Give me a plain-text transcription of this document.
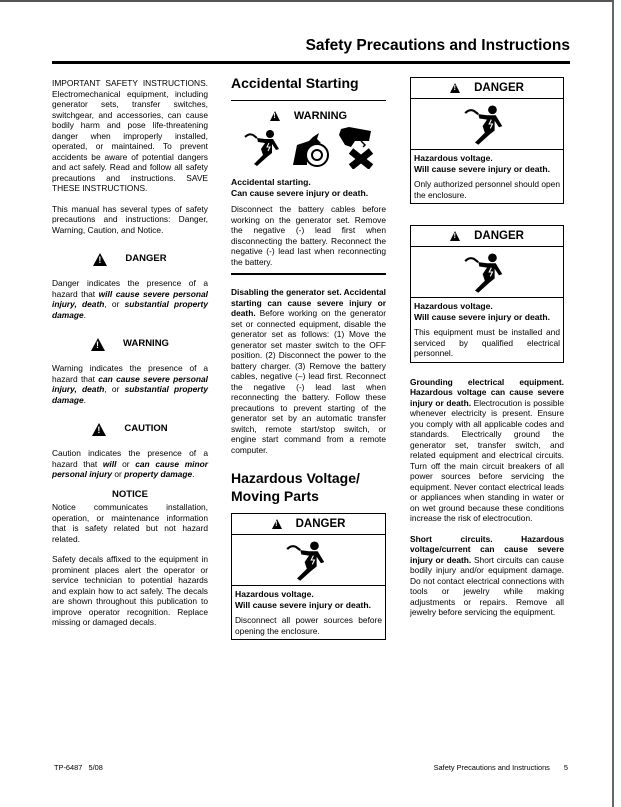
Safety Precautions and Instructions

IMPORTANT SAFETY INSTRUCTIONS. Electromechanical equipment, including generator sets, transfer switches, switchgear, and accessories, can cause bodily harm and pose life-threatening danger when improperly installed, operated, or maintained. To prevent accidents be aware of potential dangers and act safely. Read and follow all safety precautions and instructions. SAVE THESE INSTRUCTIONS.

This manual has several types of safety precautions and instructions: Danger, Warning, Caution, and Notice.

!
DANGER

Danger indicates the presence of a hazard that will cause severe personal injury, death, or substantial property damage.

!
WARNING

Warning indicates the presence of a hazard that can cause severe personal injury, death, or substantial property damage.

!
CAUTION

Caution indicates the presence of a hazard that will or can cause minor personal injury or property damage.

NOTICE

Notice communicates installation, operation, or maintenance information that is safety related but not hazard related.

Safety decals affixed to the equipment in prominent places alert the operator or service technician to potential hazards and explain how to act safely. The decals are shown throughout this publication to improve operator recognition. Replace missing or damaged decals.

Accidental Starting
!
WARNING
Accidental starting.
Can cause severe injury or death.

Disconnect the battery cables before working on the generator set. Remove the negative (-) lead first when disconnecting the battery. Reconnect the negative (-) lead last when reconnecting the battery.

Disabling the generator set. Accidental starting can cause severe injury or death. Before working on the generator set or connected equipment, disable the generator set as follows: (1) Move the generator set master switch to the OFF position. (2) Disconnect the power to the battery charger. (3) Remove the battery cables, negative (–) lead first. Reconnect the negative (-) lead last when reconnecting the battery. Follow these precautions to prevent starting of the generator set by an automatic transfer switch, remote start/stop switch, or engine start command from a remote computer.

Hazardous Voltage/
Moving Parts
!
DANGER
Hazardous voltage.
Will cause severe injury or death.

Disconnect all power sources before opening the enclosure.

!
DANGER
Hazardous voltage.
Will cause severe injury or death.

Only authorized personnel should open the enclosure.

!
DANGER
Hazardous voltage.
Will cause severe injury or death.

This equipment must be installed and serviced by qualified electrical personnel.

Grounding electrical equipment. Hazardous voltage can cause severe injury or death. Electrocution is possible whenever electricity is present. Ensure you comply with all applicable codes and standards. Electrically ground the generator set, transfer switch, and related equipment and electrical circuits. Turn off the main circuit breakers of all power sources before servicing the equipment. Never contact electrical leads or appliances when standing in water or on wet ground because these conditions increase the risk of electrocution.

Short circuits. Hazardous voltage/current can cause severe injury or death. Short circuits can cause bodily injury and/or equipment damage. Do not contact electrical connections with tools or jewelry while making adjustments or repairs. Remove all jewelry before servicing the equipment.

TP-6487   5/08	Safety Precautions and Instructions 5
